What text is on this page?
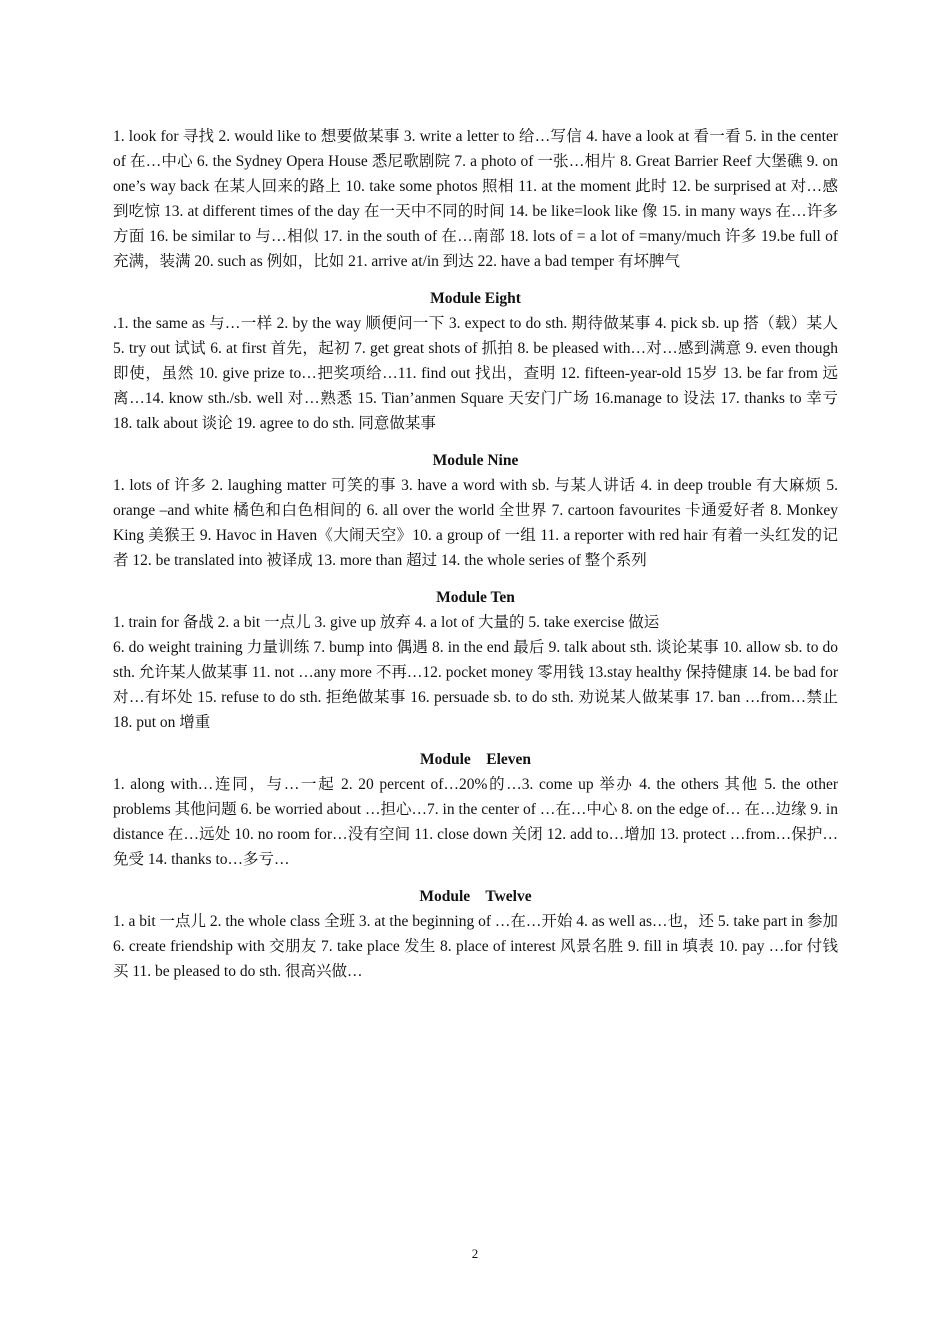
1. look for 寻找 2. would like to 想要做某事 3. write a letter to 给…写信 4. have a look at 看一看 5. in the center of 在…中心 6. the Sydney Opera House 悉尼歌剧院 7. a photo of 一张…相片 8. Great Barrier Reef 大堡礁 9. on one’s way back 在某人回来的路上 10. take some photos 照相 11. at the moment 此时 12. be surprised at 对…感到吃惊 13. at different times of the day 在一天中不同的时间 14. be like=look like 像 15. in many ways 在…许多方面 16. be similar to 与…相似 17. in the south of 在…南部 18. lots of = a lot of =many/much 许多 19.be full of 充满，装满 20. such as 例如，比如 21. arrive at/in 到达 22. have a bad temper 有坏脾气

Module Eight

.1. the same as 与…一样 2. by the way 顺便问一下 3. expect to do sth. 期待做某事 4. pick sb. up 搭（载）某人 5. try out 试试 6. at first 首先，起初 7. get great shots of 抓拍 8. be pleased with…对…感到满意 9. even though 即使，虽然 10. give prize to…把奖项给…11. find out 找出，查明 12. fifteen-year-old 15岁 13. be far from 远离…14. know sth./sb. well 对…熟悉 15. Tian’anmen Square 天安门广场 16.manage to 设法 17. thanks to 幸亏 18. talk about 谈论 19. agree to do sth. 同意做某事

Module Nine

1. lots of 许多 2. laughing matter 可笑的事 3. have a word with sb. 与某人讲话 4. in deep trouble 有大麻烦 5. orange –and white 橘色和白色相间的 6. all over the world 全世界 7. cartoon favourites 卡通爱好者 8. Monkey King 美猴王 9. Havoc in Haven《大闹天空》10. a group of 一组 11. a reporter with red hair 有着一头红发的记者 12. be translated into 被译成 13. more than 超过 14. the whole series of 整个系列

Module Ten

1. train for 备战 2. a bit 一点儿 3. give up 放弃 4. a lot of 大量的 5. take exercise 做运
6. do weight training 力量训练 7. bump into 偶遇 8. in the end 最后 9. talk about sth. 谈论某事 10. allow sb. to do sth. 允许某人做某事 11. not …any more 不再…12. pocket money 零用钱 13.stay healthy 保持健康 14. be bad for 对…有坏处 15. refuse to do sth. 拒绝做某事 16. persuade sb. to do sth. 劝说某人做某事 17. ban …from…禁止 18. put on 增重

Module    Eleven

1. along with…连同，与…一起 2. 20 percent of…20%的…3. come up 举办 4. the others 其他 5. the other problems 其他问题 6. be worried about …担心…7. in the center of …在…中心 8. on the edge of… 在…边缘 9. in distance 在…远处 10. no room for…没有空间 11. close down 关闭 12. add to…增加 13. protect …from…保护…免受 14. thanks to…多亏…

Module    Twelve

1. a bit 一点儿 2. the whole class 全班 3. at the beginning of …在…开始 4. as well as…也，还 5. take part in 参加 6. create friendship with 交朋友 7. take place 发生 8. place of interest 风景名胜 9. fill in 填表 10. pay …for 付钱买 11. be pleased to do sth. 很高兴做…

2
